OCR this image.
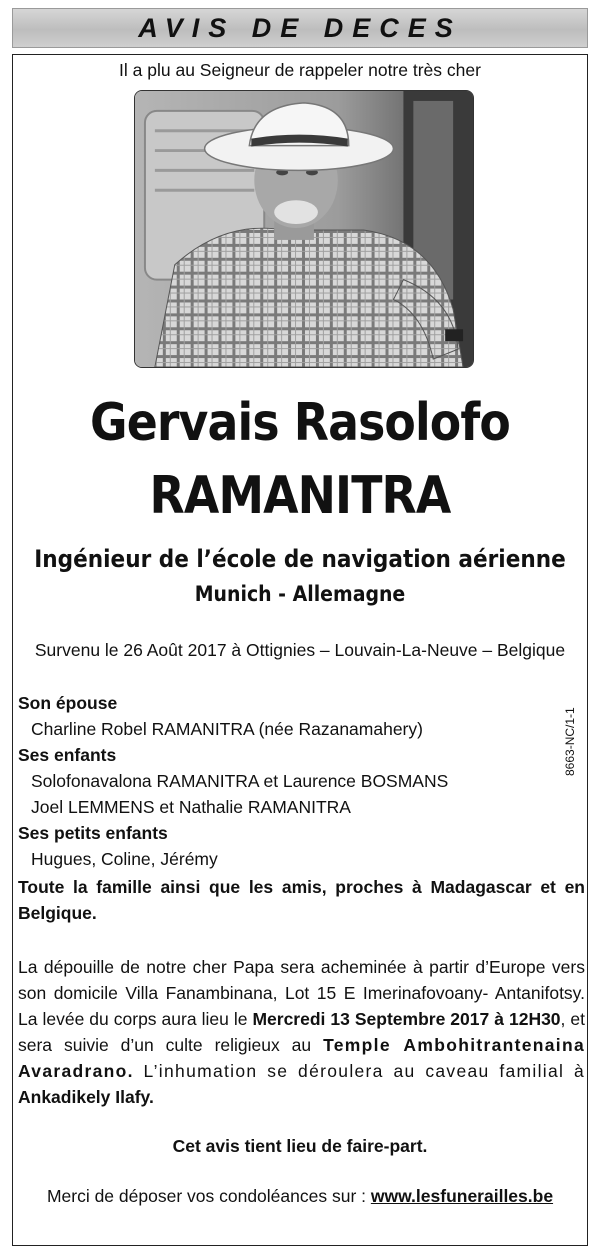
AVIS DE DECES
Il a plu au Seigneur de rappeler notre très cher
Gervais Rasolofo
RAMANITRA
Ingénieur de l’école de navigation aérienne
Munich - Allemagne
Survenu le 26 Août 2017 à Ottignies – Louvain-La-Neuve – Belgique
Son épouse
Charline Robel RAMANITRA (née Razanamahery)
Ses enfants
Solofonavalona RAMANITRA et Laurence BOSMANS
Joel LEMMENS et Nathalie RAMANITRA
Ses petits enfants
Hugues, Coline, Jérémy
8663-NC/1-1
Toute la famille ainsi que les amis, proches à Madagascar et en Belgique.
La dépouille de notre cher Papa sera acheminée à partir d’Europe vers son domicile Villa Fanambinana, Lot 15 E Imerinafovoany- Antanifotsy. La levée du corps aura lieu le Mercredi 13 Septembre 2017 à 12H30, et sera suivie d’un culte religieux au Temple Ambohitrantenaina Avaradrano. L’inhumation se déroulera au caveau familial à Ankadikely Ilafy.
Cet avis tient lieu de faire-part.
Merci de déposer vos condoléances sur : www.lesfunerailles.be
